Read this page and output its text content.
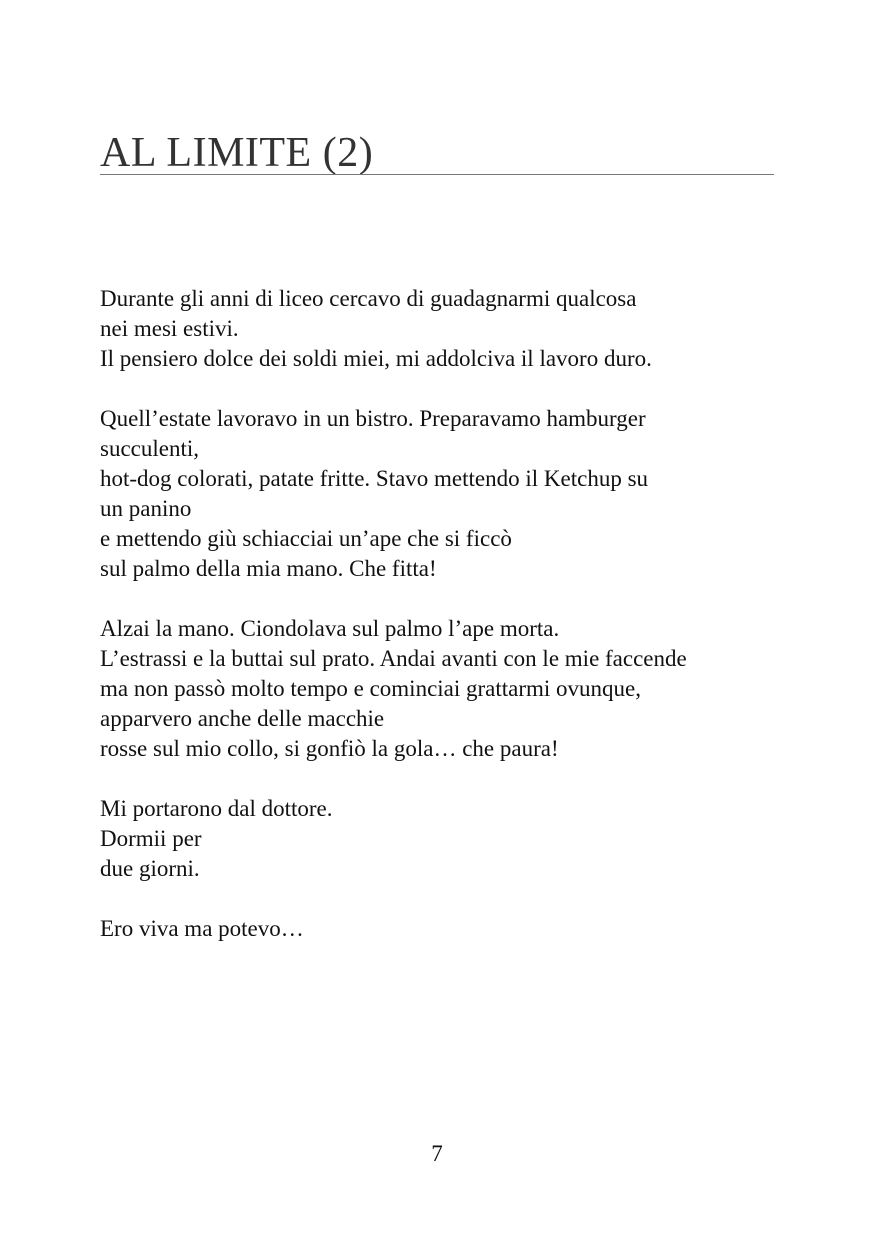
AL LIMITE (2)
Durante gli anni di liceo cercavo di guadagnarmi qualcosa
nei mesi estivi.
Il pensiero dolce dei soldi miei, mi addolciva il lavoro duro.
Quell’estate lavoravo in un bistro. Preparavamo hamburger
succulenti,
hot-dog colorati, patate fritte. Stavo mettendo il Ketchup su
un panino
e mettendo giù schiacciai un’ape che si ficcò
sul palmo della mia mano. Che fitta!
Alzai la mano. Ciondolava sul palmo l’ape morta.
L’estrassi e la buttai sul prato. Andai avanti con le mie faccende
ma non passò molto tempo e cominciai grattarmi ovunque,
apparvero anche delle macchie
rosse sul mio collo, si gonfiò la gola… che paura!
Mi portarono dal dottore.
Dormii per
due giorni.
Ero viva ma potevo…
7
